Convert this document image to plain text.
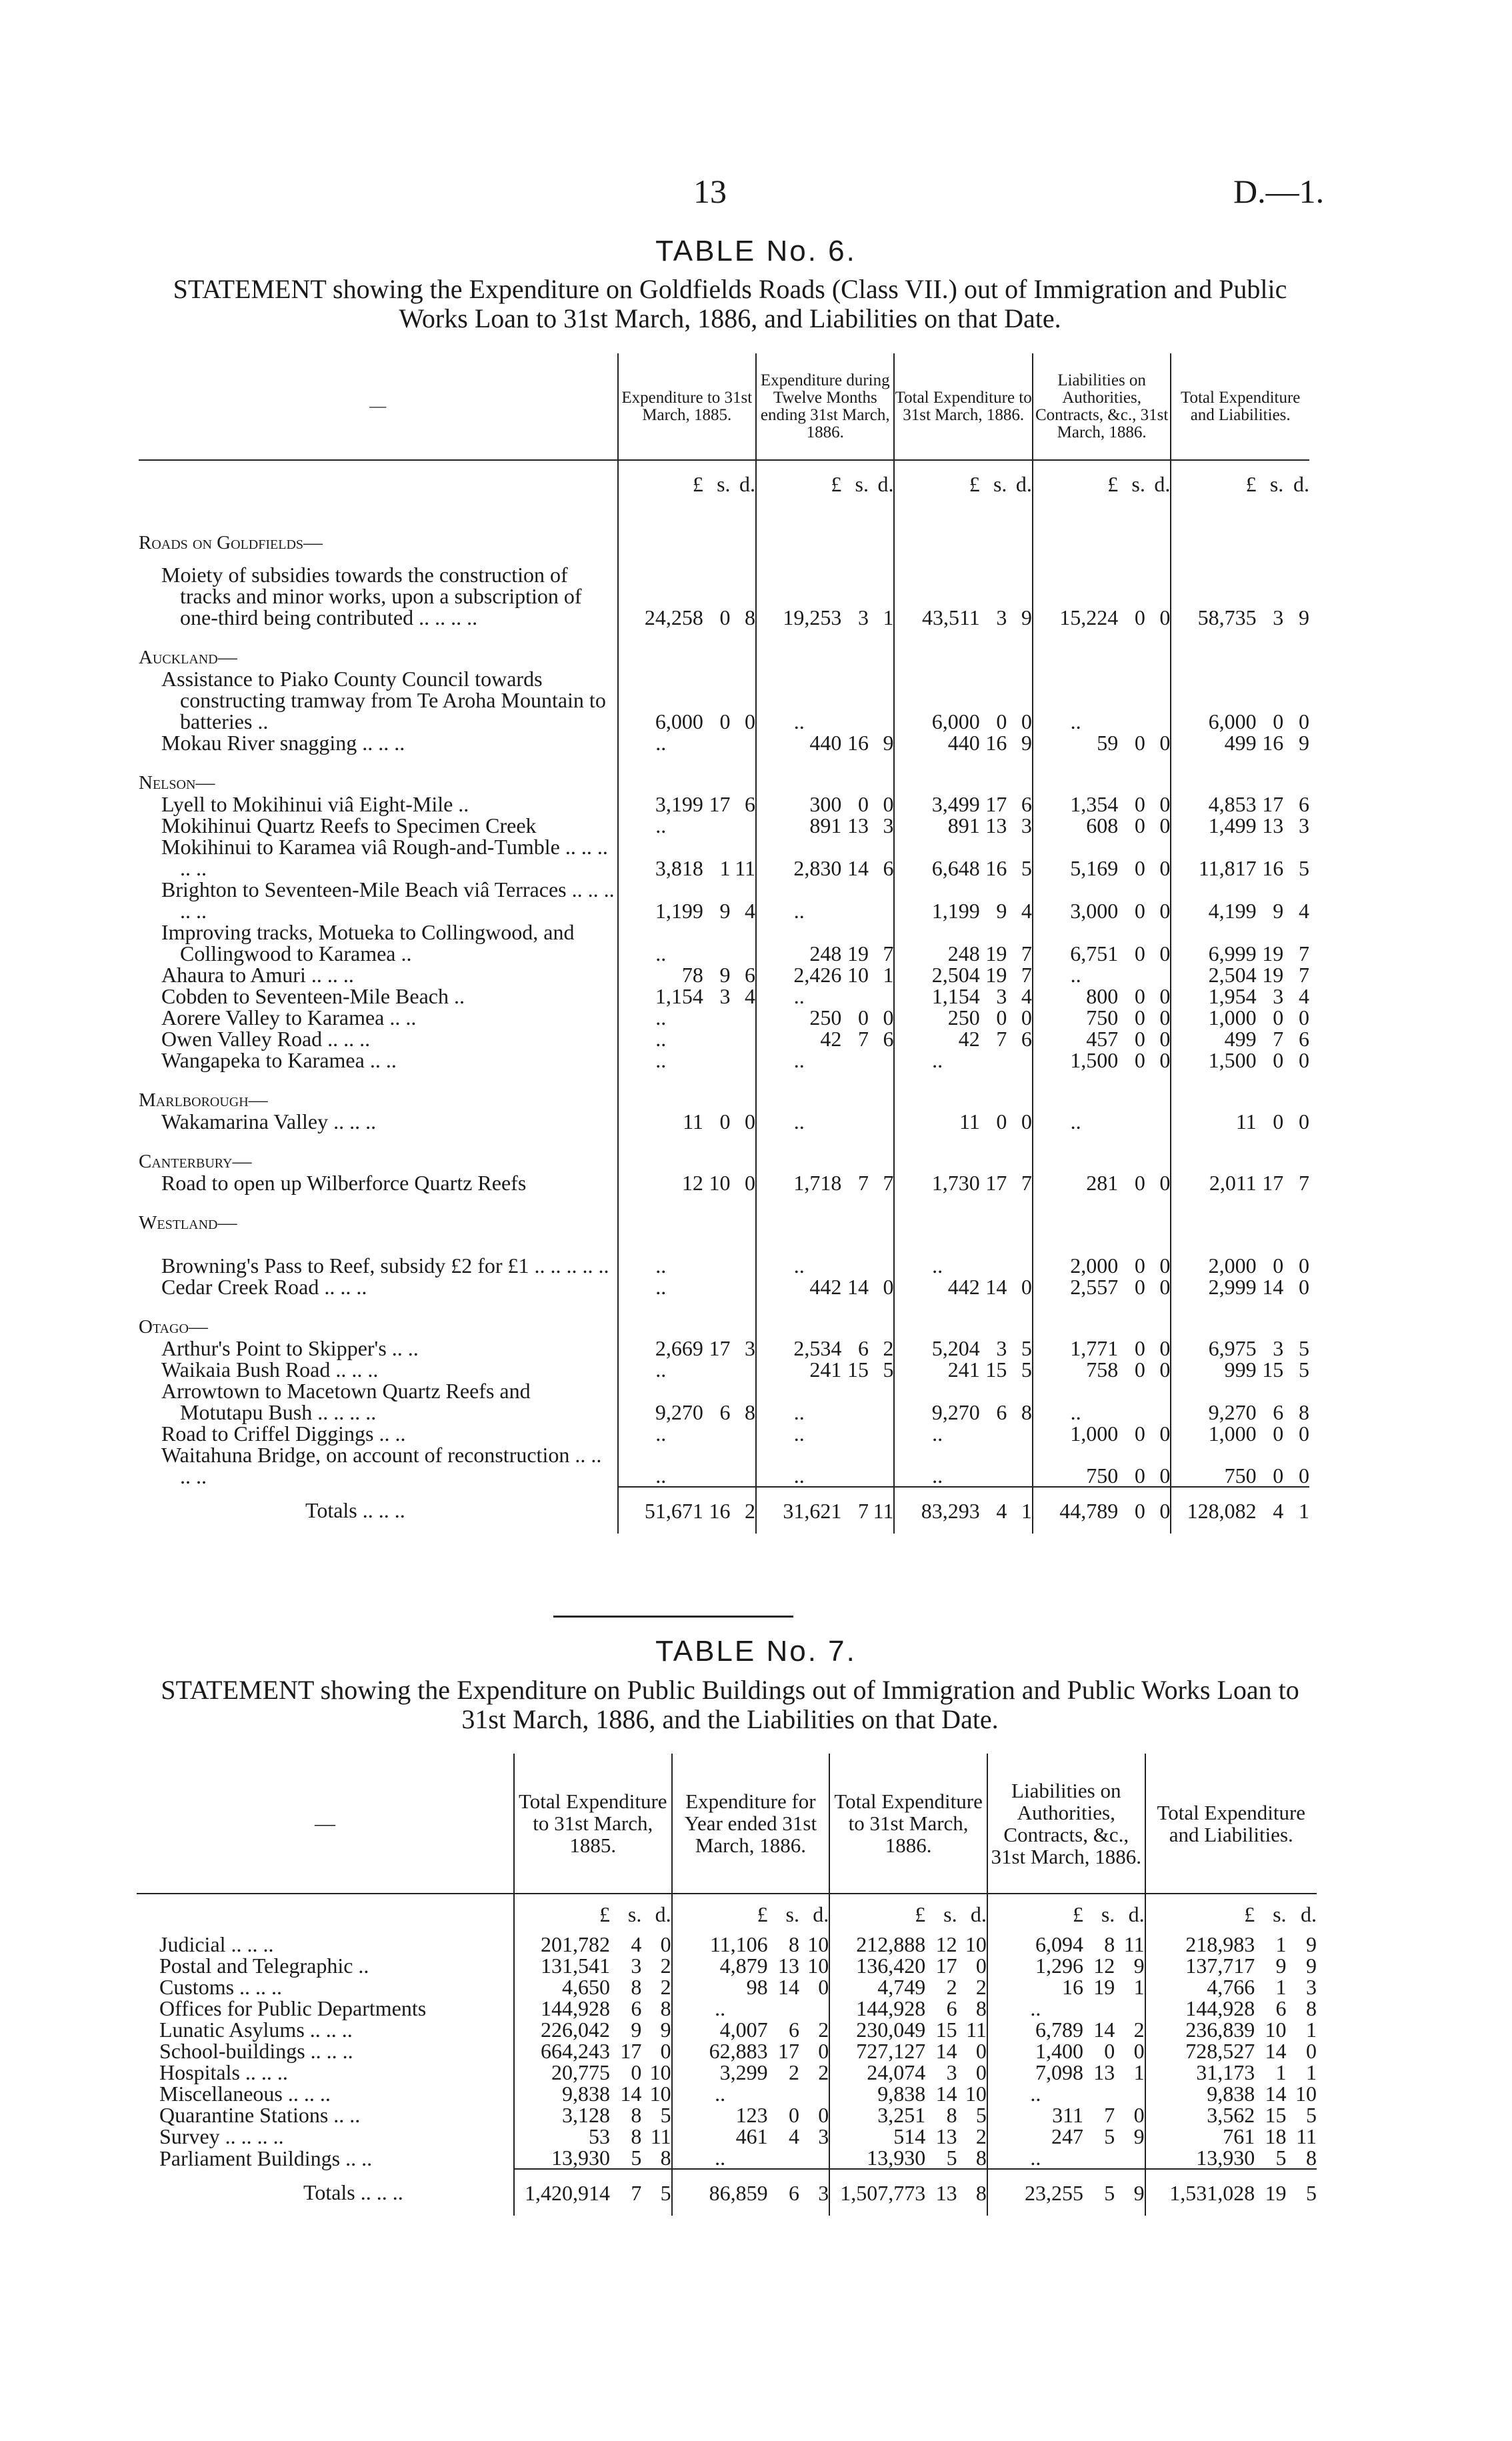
13	D.—1.
TABLE No. 6.
STATEMENT showing the Expenditure on Goldfields Roads (Class VII.) out of Immigration and Public Works Loan to 31st March, 1886, and Liabilities on that Date.
—	Expenditure to 31st March, 1885.			Expenditure during Twelve Months ending 31st March, 1886.			Total Expenditure to 31st March, 1886.			Liabilities on Authorities, Contracts, &c., 31st March, 1886.			Total Expenditure and Liabilities.		
	£	s.	d.	£	s.	d.	£	s.	d.	£	s.	d.	£	s.	d.
Roads on Goldfields—															

Moiety of subsidies towards the construction of tracks and minor works, upon a subscription of one-third being contributed .. .. .. ..	24,258	0	8	19,253	3	1	43,511	3	9	15,224	0	0	58,735	3	9
Auckland—															

Assistance to Piako County Council towards constructing tramway from Te Aroha Mountain to batteries ..	6,000	0	0	..			6,000	0	0	..			6,000	0	0

Mokau River snagging .. .. ..	..			440	16	9	440	16	9	59	0	0	499	16	9
Nelson—															

Lyell to Mokihinui viâ Eight-Mile ..	3,199	17	6	300	0	0	3,499	17	6	1,354	0	0	4,853	17	6

Mokihinui Quartz Reefs to Specimen Creek	..			891	13	3	891	13	3	608	0	0	1,499	13	3

Mokihinui to Karamea viâ Rough-and-Tumble .. .. .. .. ..	3,818	1	11	2,830	14	6	6,648	16	5	5,169	0	0	11,817	16	5

Brighton to Seventeen-Mile Beach viâ Terraces .. .. .. .. ..	1,199	9	4	..			1,199	9	4	3,000	0	0	4,199	9	4

Improving tracks, Motueka to Collingwood, and Collingwood to Karamea ..	..			248	19	7	248	19	7	6,751	0	0	6,999	19	7

Ahaura to Amuri .. .. ..	78	9	6	2,426	10	1	2,504	19	7	..			2,504	19	7

Cobden to Seventeen-Mile Beach ..	1,154	3	4	..			1,154	3	4	800	0	0	1,954	3	4

Aorere Valley to Karamea .. ..	..			250	0	0	250	0	0	750	0	0	1,000	0	0

Owen Valley Road .. .. ..	..			42	7	6	42	7	6	457	0	0	499	7	6

Wangapeka to Karamea .. ..	..			..			..			1,500	0	0	1,500	0	0
Marlborough—															

Wakamarina Valley .. .. ..	11	0	0	..			11	0	0	..			11	0	0
Canterbury—															

Road to open up Wilberforce Quartz Reefs	12	10	0	1,718	7	7	1,730	17	7	281	0	0	2,011	17	7
Westland—															

Browning's Pass to Reef, subsidy £2 for £1 .. .. .. .. ..	..			..			..			2,000	0	0	2,000	0	0

Cedar Creek Road .. .. ..	..			442	14	0	442	14	0	2,557	0	0	2,999	14	0
Otago—															

Arthur's Point to Skipper's .. ..	2,669	17	3	2,534	6	2	5,204	3	5	1,771	0	0	6,975	3	5

Waikaia Bush Road .. .. ..	..			241	15	5	241	15	5	758	0	0	999	15	5

Arrowtown to Macetown Quartz Reefs and Motutapu Bush .. .. .. ..	9,270	6	8	..			9,270	6	8	..			9,270	6	8

Road to Criffel Diggings .. ..	..			..			..			1,000	0	0	1,000	0	0

Waitahuna Bridge, on account of reconstruction .. .. .. ..	..			..			..			750	0	0	750	0	0
Totals .. .. ..	51,671	16	2	31,621	7	11	83,293	4	1	44,789	0	0	128,082	4	1
TABLE No. 7.
STATEMENT showing the Expenditure on Public Buildings out of Immigration and Public Works Loan to 31st March, 1886, and the Liabilities on that Date.
—	Total Expenditure to 31st March, 1885.			Expenditure for Year ended 31st March, 1886.			Total Expenditure to 31st March, 1886.			Liabilities on Authorities, Contracts, &c., 31st March, 1886.			Total Expenditure and Liabilities.		
	£	s.	d.	£	s.	d.	£	s.	d.	£	s.	d.	£	s.	d.

Judicial .. .. ..	201,782	4	0	11,106	8	10	212,888	12	10	6,094	8	11	218,983	1	9

Postal and Telegraphic ..	131,541	3	2	4,879	13	10	136,420	17	0	1,296	12	9	137,717	9	9

Customs .. .. ..	4,650	8	2	98	14	0	4,749	2	2	16	19	1	4,766	1	3

Offices for Public Departments	144,928	6	8	..			144,928	6	8	..			144,928	6	8

Lunatic Asylums .. .. ..	226,042	9	9	4,007	6	2	230,049	15	11	6,789	14	2	236,839	10	1

School-buildings .. .. ..	664,243	17	0	62,883	17	0	727,127	14	0	1,400	0	0	728,527	14	0

Hospitals .. .. ..	20,775	0	10	3,299	2	2	24,074	3	0	7,098	13	1	31,173	1	1

Miscellaneous .. .. ..	9,838	14	10	..			9,838	14	10	..			9,838	14	10

Quarantine Stations .. ..	3,128	8	5	123	0	0	3,251	8	5	311	7	0	3,562	15	5

Survey .. .. .. ..	53	8	11	461	4	3	514	13	2	247	5	9	761	18	11

Parliament Buildings .. ..	13,930	5	8	..			13,930	5	8	..			13,930	5	8
Totals .. .. ..	1,420,914	7	5	86,859	6	3	1,507,773	13	8	23,255	5	9	1,531,028	19	5
